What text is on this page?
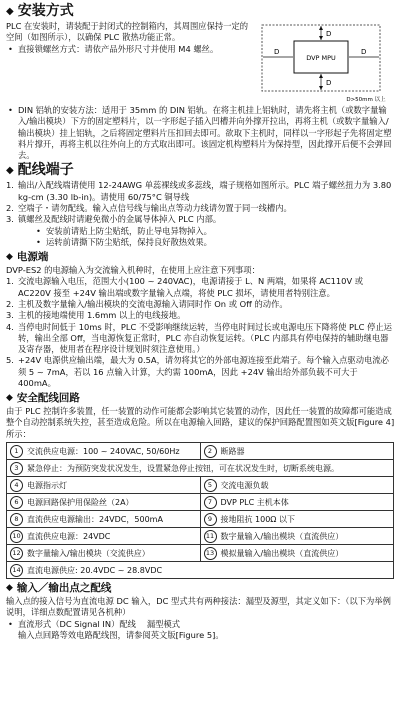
◆ 安装方式

PLC 在安装时，请装配于封闭式的控制箱内，其周围应保持一定的空间（如图所示），以确保 PLC 散热功能正常。

• 直接锁螺丝方式：请依产品外形尺寸并使用 M4 螺丝。
D
D
D	D
DVP MPU
D>50mm 以上
• DIN 铝轨的安装方法：适用于 35mm 的 DIN 铝轨。在将主机挂上铝轨时，请先将主机（或数字量输入/输出模块）下方的固定塑料片，以一字形起子插入凹槽并向外撑开拉出，再将主机（或数字量输入/输出模块）挂上铝轨，之后将固定塑料片压扣回去即可。欲取下主机时，同样以一字形起子先将固定塑料片撑开，再将主机以往外向上的方式取出即可。该固定机构塑料片为保持型，因此撑开后便不会弹回去。
◆ 配线端子
1. 输出/入配线端请使用 12-24AWG 单蕊裸线或多蕊线，端子规格如图所示。PLC 端子螺丝扭力为 3.80 kg-cm (3.30 lb-in)。请使用 60/75°C 铜导线
2. 空端子・请勿配线。输入点信号线与输出点等动力线请勿置于同一线槽内。
3. 镇螺丝及配线时请避免微小的金属导体掉入 PLC 内部。
• 安装前请贴上防尘贴纸，防止导电异物掉入。
• 运转前请撕下防尘贴纸，保持良好散热效果。
◆ 电源端

DVP-ES2 的电源输入为交流输入机种时，在使用上应注意下列事项：

1. 交流电源输入电压，范围大小(100 ~ 240VAC)，电源请接于 L、N 两端，如果将 AC110V 或 AC220V 接至 +24V 输出端或数字量输入点端，将使 PLC 损坏，请使用者特别注意。
2. 主机及数字量输入/输出模块的交流电源输入请同时作 On 或 Off 的动作。
3. 主机的接地端使用 1.6mm 以上的电线接地。
4. 当停电时间低于 10ms 时，PLC 不受影响继续运转，当停电时间过长或电源电压下降将使 PLC 停止运转，输出全部 Off，当电源恢复正常时，PLC 亦自动恢复运转。（PLC 内部具有停电保持的辅助继电器及寄存器，使用者在程序设计规划时须注意使用。）
5. +24V 电源供应输出端，最大为 0.5A，请勿将其它的外部电源连接至此端子。每个输入点驱动电流必须 5 ~ 7mA，若以 16 点输入计算，大约需 100mA，因此 +24V 输出给外部负载不可大于 400mA。
◆ 安全配线回路

由于 PLC 控制许多装置，任一装置的动作可能都会影响其它装置的动作，因此任一装置的故障都可能造成整个自动控制系统失控，甚至造成危险。所以在电源输入回路，建议的保护回路配置图如英文版[Figure 4]所示：

1 交流供应电源：100 ~ 240VAC, 50/60Hz	2 断路器
3 紧急停止：为预防突发状况发生，设置紧急停止按钮，可在状况发生时，切断系统电源。	
4 电源指示灯	5 交流电源负载
6 电源回路保护用保险丝（2A）	7 DVP PLC 主机本体
8 直流供应电源输出：24VDC，500mA	9 接地阻抗 100Ω 以下
10 直流供应电源：24VDC	11 数字量输入/输出模块（直流供应）
12 数字量输入/输出模块（交流供应）	13 模拟量输入/输出模块（直流供应）
14 直流电源供应: 20.4VDC ~ 28.8VDC	
◆ 输入／输出点之配线

输入点的接入信号为直流电源 DC 输入，DC 型式共有两种接法：漏型及源型，其定义如下：（以下为举例说明，详细点数配置请见各机种）

• 直流形式（DC Signal IN）配线 　漏型模式

输入点回路等效电路配线图，请参阅英文版[Figure 5]。
